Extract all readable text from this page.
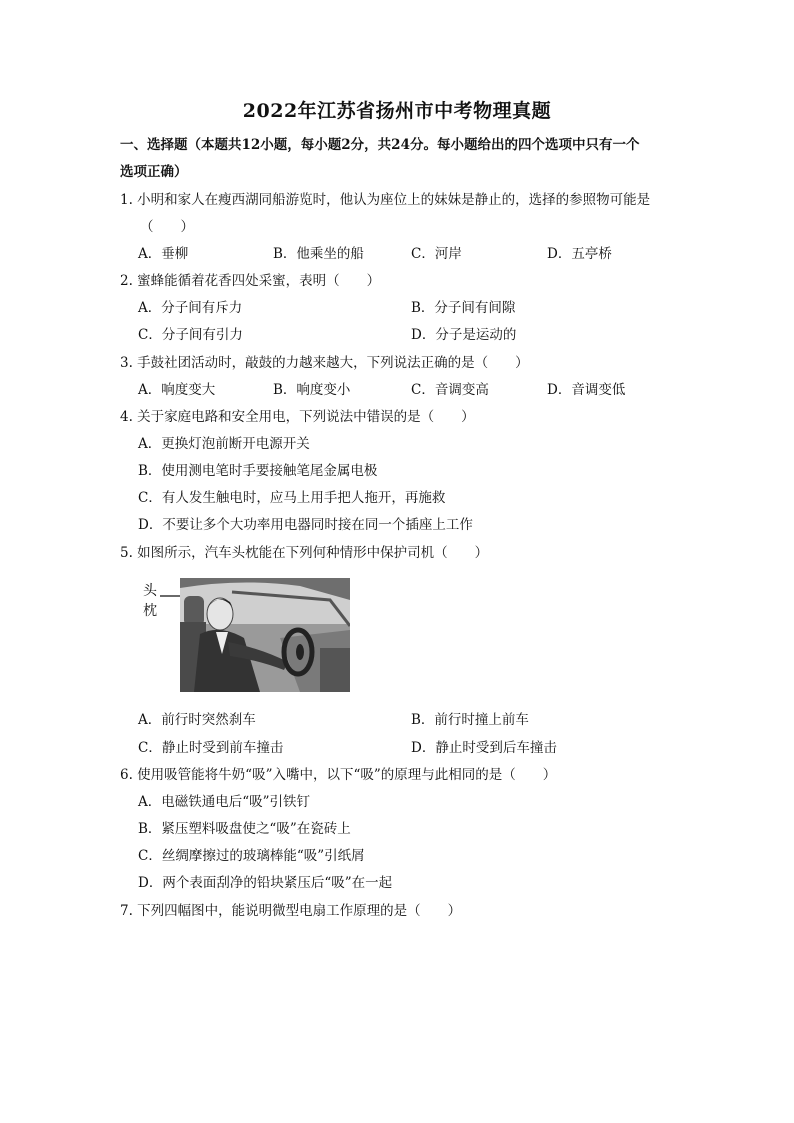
2022年江苏省扬州市中考物理真题
一、选择题（本题共12小题，每小题2分，共24分。每小题给出的四个选项中只有一个
选项正确）
1. 小明和家人在瘦西湖同船游览时，他认为座位上的妹妹是静止的，选择的参照物可能是
（　　）
A．垂柳	B．他乘坐的船	C．河岸	D．五亭桥
2. 蜜蜂能循着花香四处采蜜，表明（　　）
A．分子间有斥力	B．分子间有间隙
C．分子间有引力	D．分子是运动的
3. 手鼓社团活动时，敲鼓的力越来越大，下列说法正确的是（　　）
A．响度变大	B．响度变小	C．音调变高	D．音调变低
4. 关于家庭电路和安全用电，下列说法中错误的是（　　）
A．更换灯泡前断开电源开关
B．使用测电笔时手要接触笔尾金属电极
C．有人发生触电时，应马上用手把人拖开，再施救
D．不要让多个大功率用电器同时接在同一个插座上工作
5. 如图所示，汽车头枕能在下列何种情形中保护司机（　　）
头
枕
A．前行时突然刹车	B．前行时撞上前车
C．静止时受到前车撞击	D．静止时受到后车撞击
6. 使用吸管能将牛奶“吸”入嘴中，以下“吸”的原理与此相同的是（　　）
A．电磁铁通电后“吸”引铁钉
B．紧压塑料吸盘使之“吸”在瓷砖上
C．丝绸摩擦过的玻璃棒能“吸”引纸屑
D．两个表面刮净的铅块紧压后“吸”在一起
7. 下列四幅图中，能说明微型电扇工作原理的是（　　）
